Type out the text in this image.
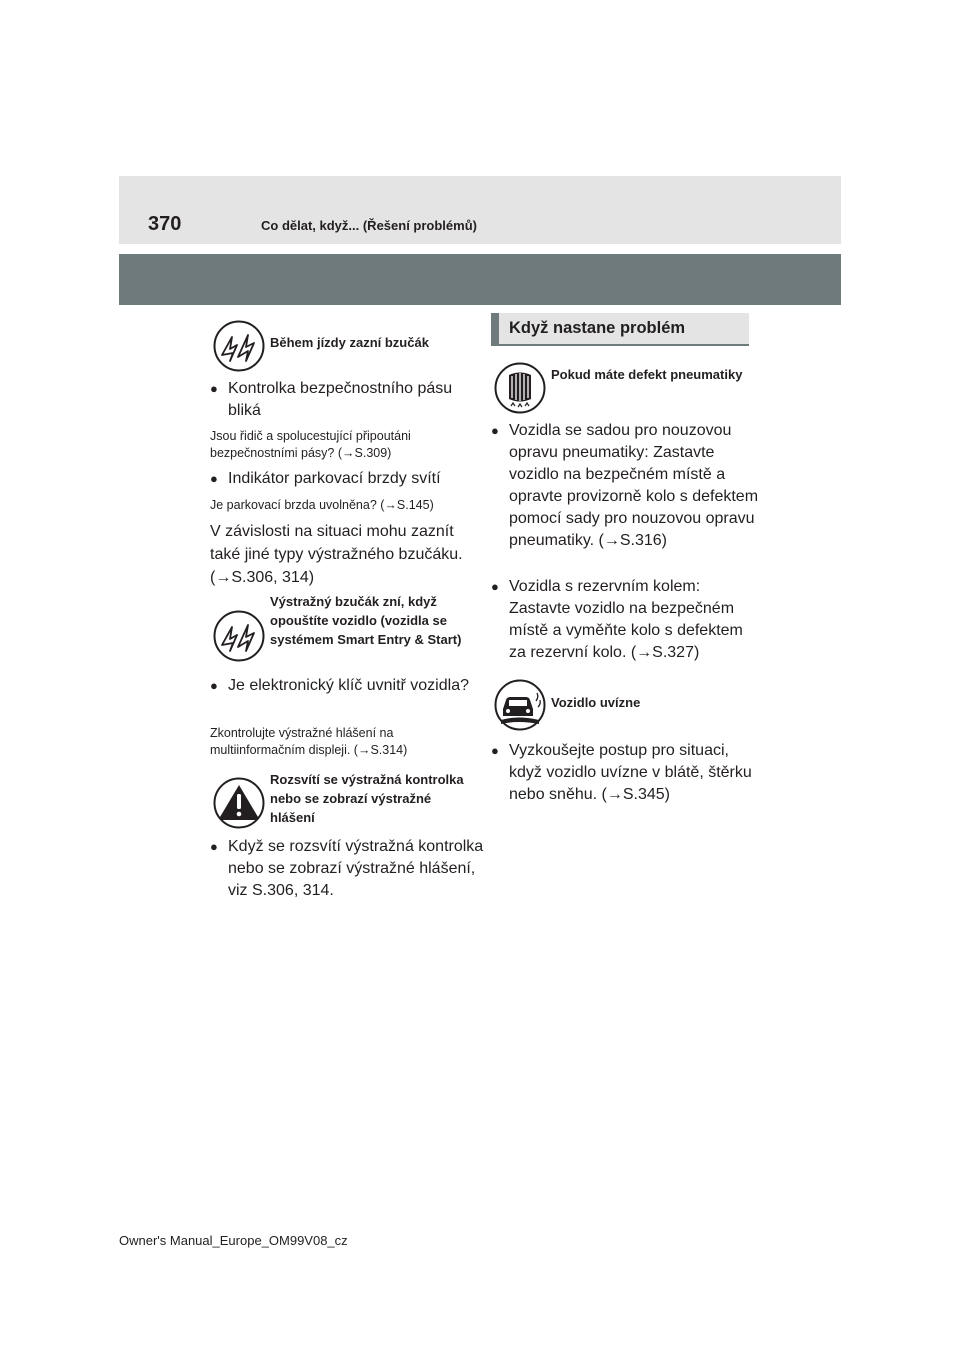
370	Co dělat, když... (Řešení problémů)
Během jízdy zazní bzučák
● Kontrolka bezpečnostního pásu bliká
Jsou řidič a spolucestující připoutáni bezpečnostními pásy? (→S.309)
● Indikátor parkovací brzdy svítí
Je parkovací brzda uvolněna? (→S.145)
V závislosti na situaci mohu zaznít také jiné typy výstražného bzučáku. (→S.306, 314)
Výstražný bzučák zní, když opouštíte vozidlo (vozidla se systémem Smart Entry & Start)
● Je elektronický klíč uvnitř vozidla?
Zkontrolujte výstražné hlášení na multiinformačním displeji. (→S.314)
Rozsvítí se výstražná kontrolka nebo se zobrazí výstražné hlášení
● Když se rozsvítí výstražná kontrolka nebo se zobrazí výstražné hlášení, viz S.306, 314.
Když nastane problém
Pokud máte defekt pneumatiky
● Vozidla se sadou pro nouzovou opravu pneumatiky: Zastavte vozidlo na bezpečném místě a opravte provizorně kolo s defektem pomocí sady pro nouzovou opravu pneumatiky. (→S.316)
● Vozidla s rezervním kolem: Zastavte vozidlo na bezpečném místě a vyměňte kolo s defektem za rezervní kolo. (→S.327)
Vozidlo uvízne
● Vyzkoušejte postup pro situaci, když vozidlo uvízne v blátě, štěrku nebo sněhu. (→S.345)
Owner's Manual_Europe_OM99V08_cz
